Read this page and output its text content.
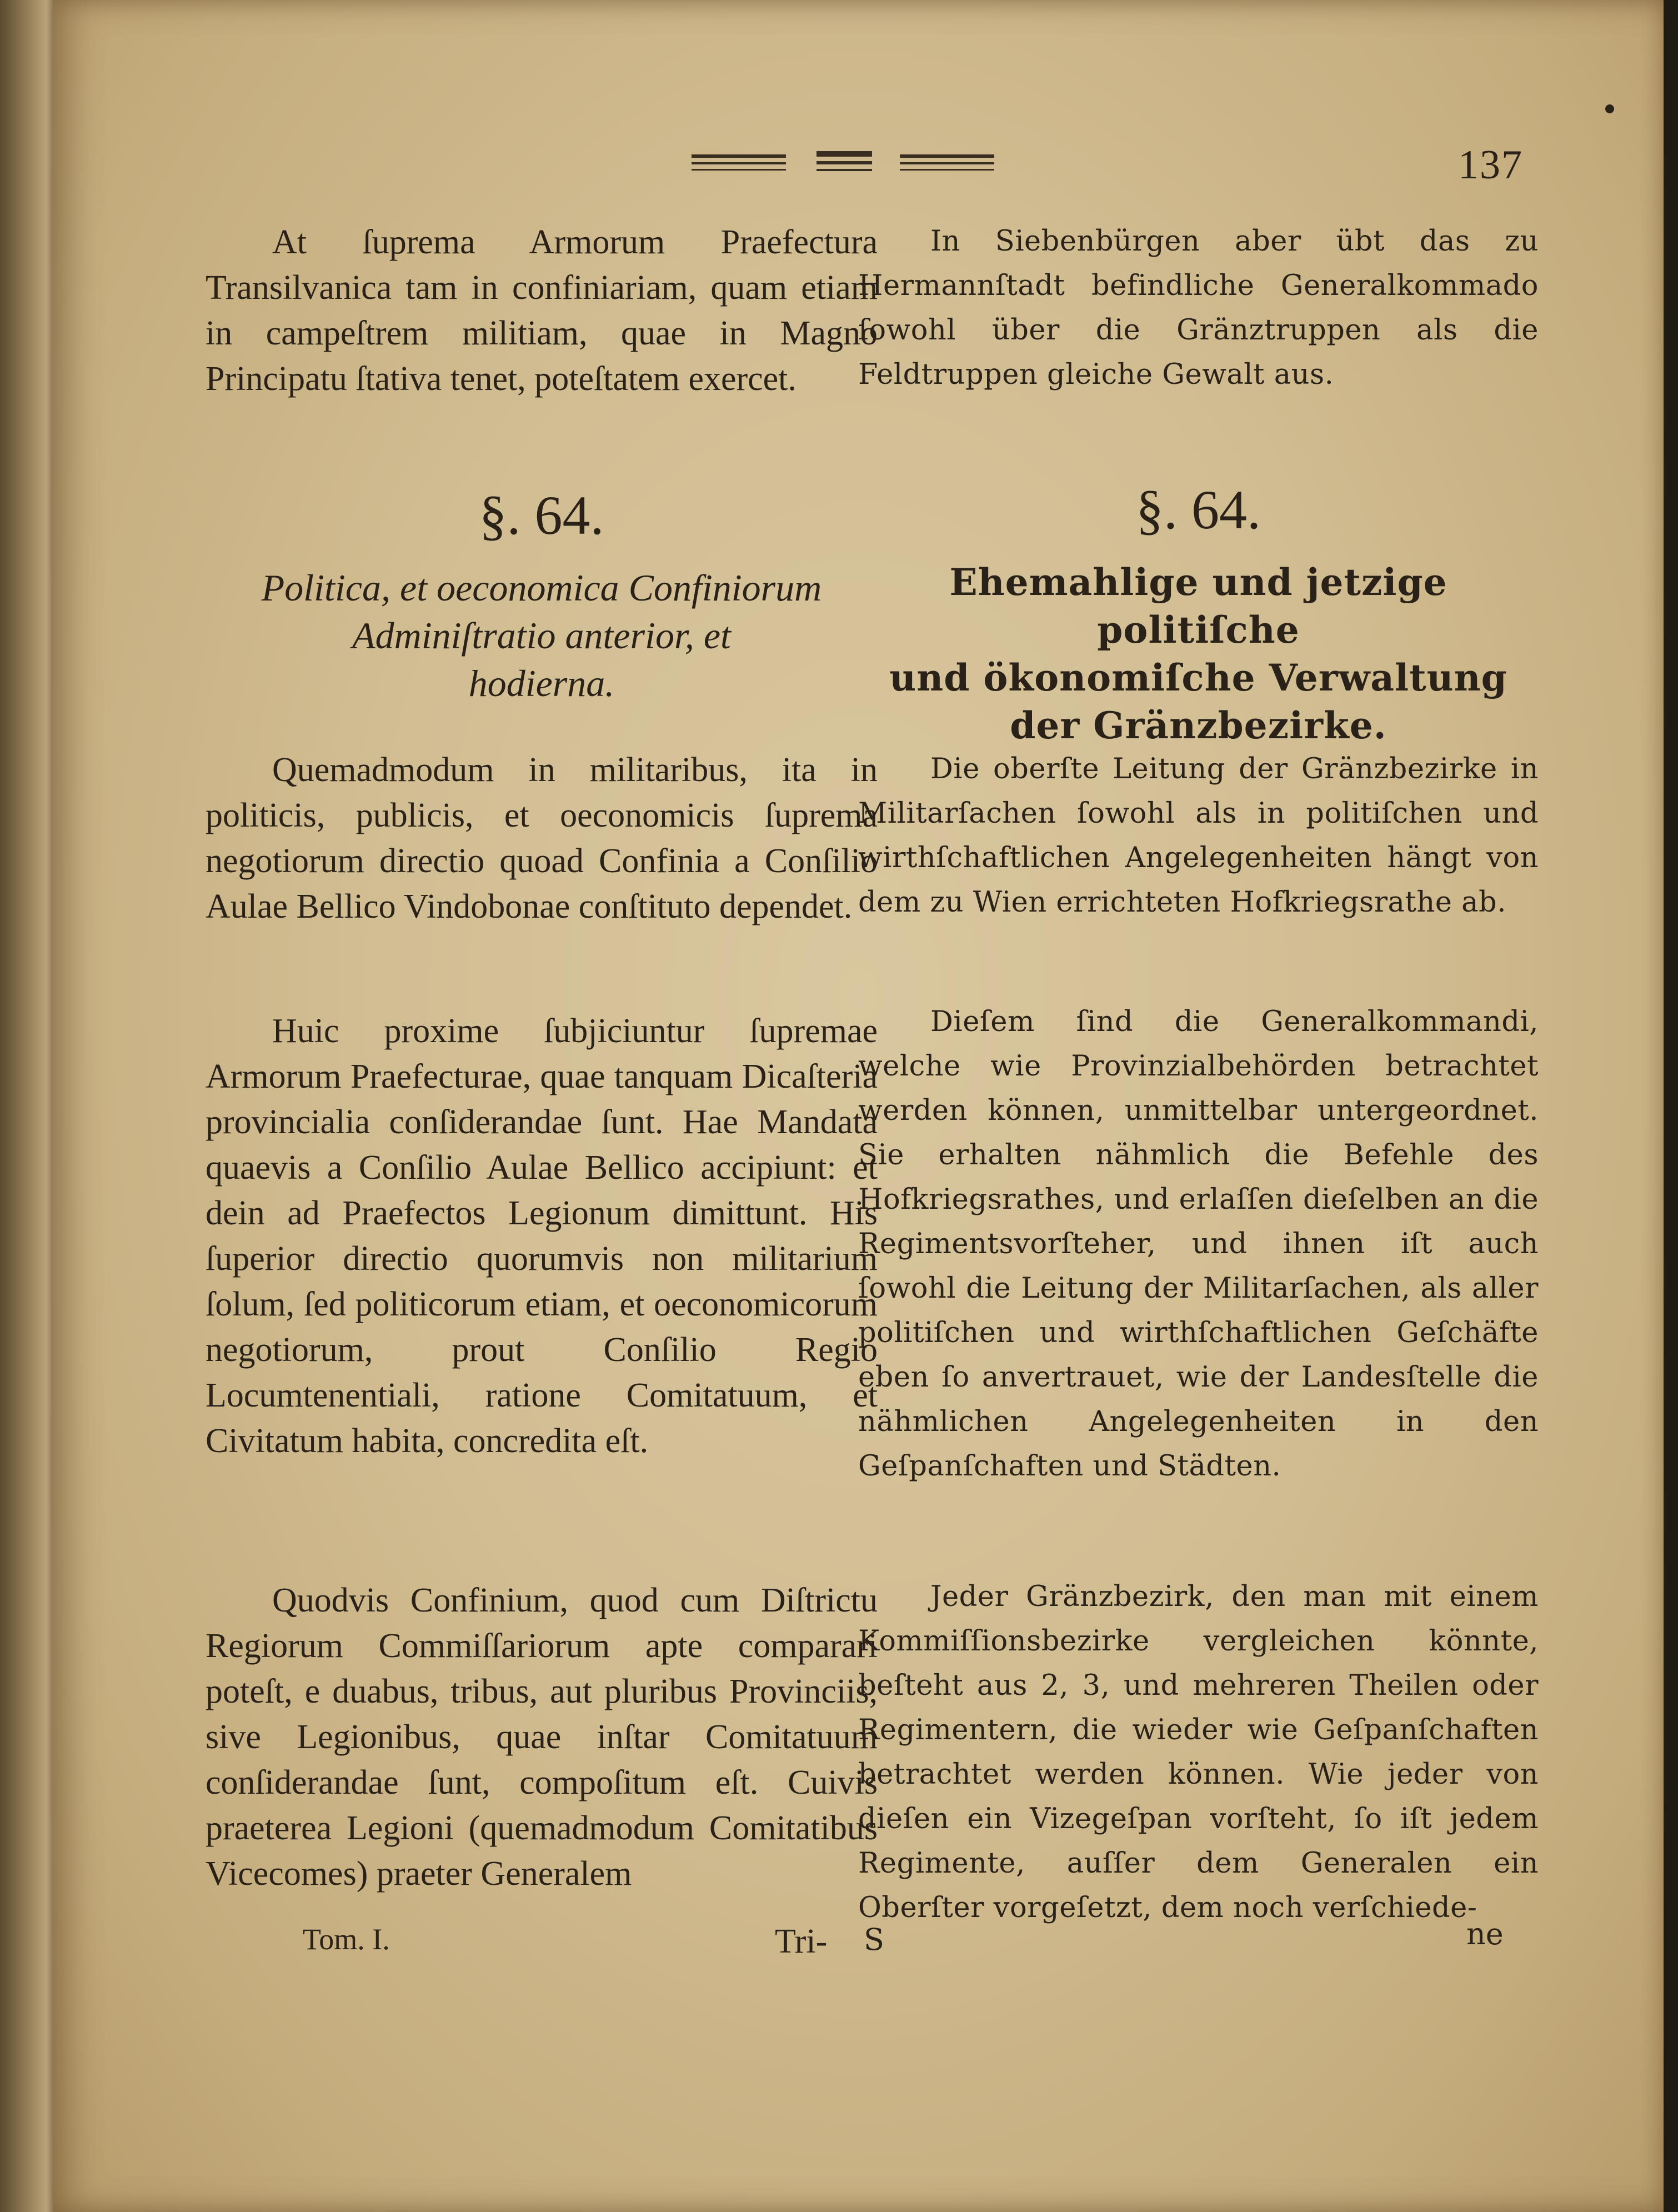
137

At ſuprema Armorum Praefectura Transilvanica tam in confiniariam, quam etiam in campeſtrem militiam, quae in Magno Principatu ſtativa tenet, poteſtatem exercet.

§. 64.
Politica, et oeconomica Confiniorum
Adminiſtratio anterior, et
hodierna.

Quemadmodum in militaribus, ita in politicis, publicis, et oeconomicis ſuprema negotiorum directio quoad Confinia a Conſilio Aulae Bellico Vindobonae conſtituto dependet.

Huic proxime ſubjiciuntur ſupremae Armorum Praefecturae, quae tanquam Dicaſteria provincialia conſiderandae ſunt. Hae Mandata quaevis a Conſilio Aulae Bellico accipiunt: et dein ad Praefectos Legionum dimittunt. His ſuperior directio quorumvis non militarium ſolum, ſed politicorum etiam, et oeconomicorum negotiorum, prout Conſilio Regio Locumtenentiali, ratione Comitatuum, et Civitatum habita, concredita eſt.

Quodvis Confinium, quod cum Diſtrictu Regiorum Commiſſariorum apte comparari poteſt, e duabus, tribus, aut pluribus Provinciis, sive Legionibus, quae inſtar Comitatuum conſiderandae ſunt, compoſitum eſt. Cuivis praeterea Legioni (quemadmodum Comitatibus Vicecomes) praeter Generalem

Tom. I.	Tri-

In Siebenbürgen aber übt das zu Hermannſtadt befindliche Generalkommado ſowohl über die Gränztruppen als die Feldtruppen gleiche Gewalt aus.

§. 64.
Ehemahlige und jetzige politiſche
und ökonomiſche Verwaltung
der Gränzbezirke.

Die oberſte Leitung der Gränzbezirke in Militarſachen ſowohl als in politiſchen und wirthſchaftlichen Angelegenheiten hängt von dem zu Wien errichteten Hofkriegsrathe ab.

Dieſem ſind die Generalkommandi, welche wie Provinzialbehörden betrachtet werden können, unmittelbar untergeordnet. Sie erhalten nähmlich die Befehle des Hofkriegsrathes, und erlaſſen dieſelben an die Regimentsvorſteher, und ihnen iſt auch ſowohl die Leitung der Militarſachen, als aller politiſchen und wirthſchaftlichen Geſchäfte eben ſo anvertrauet, wie der Landesſtelle die nähmlichen Angelegenheiten in den Geſpanſchaften und Städten.

Jeder Gränzbezirk, den man mit einem Kommiſſionsbezirke vergleichen könnte, beſteht aus 2, 3, und mehreren Theilen oder Regimentern, die wieder wie Geſpanſchaften betrachtet werden können. Wie jeder von dieſen ein Vizegeſpan vorſteht, ſo iſt jedem Regimente, auſſer dem Generalen ein Oberſter vorgeſetzt, dem noch verſchiede-

S	ne
